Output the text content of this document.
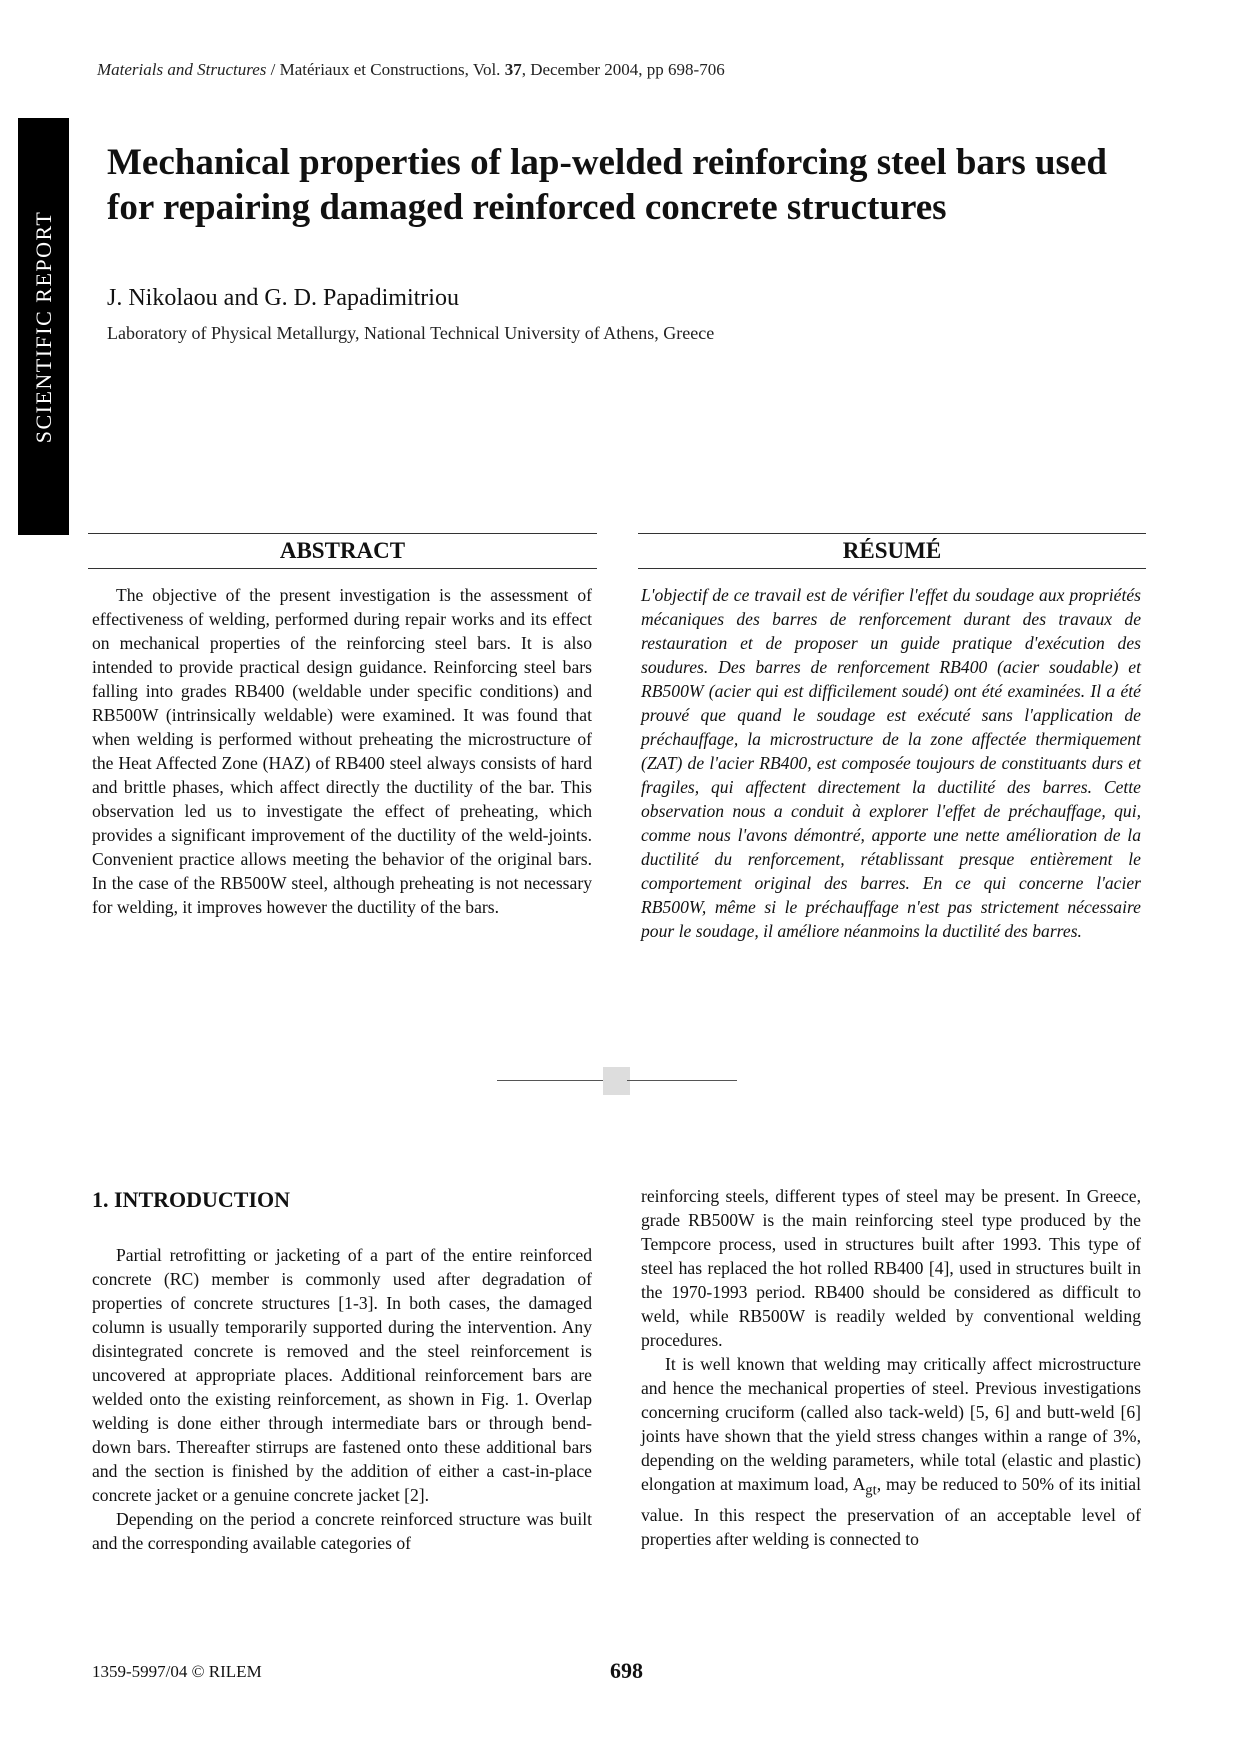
Materials and Structures / Matériaux et Constructions, Vol. 37, December 2004, pp 698-706
SCIENTIFIC REPORT
Mechanical properties of lap-welded reinforcing steel bars used for repairing damaged reinforced concrete structures
J. Nikolaou and G. D. Papadimitriou
Laboratory of Physical Metallurgy, National Technical University of Athens, Greece
ABSTRACT

The objective of the present investigation is the assessment of effectiveness of welding, performed during repair works and its effect on mechanical properties of the reinforcing steel bars. It is also intended to provide practical design guidance. Reinforcing steel bars falling into grades RB400 (weldable under specific conditions) and RB500W (intrinsically weldable) were examined. It was found that when welding is performed without preheating the microstructure of the Heat Affected Zone (HAZ) of RB400 steel always consists of hard and brittle phases, which affect directly the ductility of the bar. This observation led us to investigate the effect of preheating, which provides a significant improvement of the ductility of the weld-joints. Convenient practice allows meeting the behavior of the original bars. In the case of the RB500W steel, although preheating is not necessary for welding, it improves however the ductility of the bars.

RÉSUMÉ

L'objectif de ce travail est de vérifier l'effet du soudage aux propriétés mécaniques des barres de renforcement durant des travaux de restauration et de proposer un guide pratique d'exécution des soudures. Des barres de renforcement RB400 (acier soudable) et RB500W (acier qui est difficilement soudé) ont été examinées. Il a été prouvé que quand le soudage est exécuté sans l'application de préchauffage, la microstructure de la zone affectée thermiquement (ZAT) de l'acier RB400, est composée toujours de constituants durs et fragiles, qui affectent directement la ductilité des barres. Cette observation nous a conduit à explorer l'effet de préchauffage, qui, comme nous l'avons démontré, apporte une nette amélioration de la ductilité du renforcement, rétablissant presque entièrement le comportement original des barres. En ce qui concerne l'acier RB500W, même si le préchauffage n'est pas strictement nécessaire pour le soudage, il améliore néanmoins la ductilité des barres.

1. INTRODUCTION

Partial retrofitting or jacketing of a part of the entire reinforced concrete (RC) member is commonly used after degradation of properties of concrete structures [1-3]. In both cases, the damaged column is usually temporarily supported during the intervention. Any disintegrated concrete is removed and the steel reinforcement is uncovered at appropriate places. Additional reinforcement bars are welded onto the existing reinforcement, as shown in Fig. 1. Overlap welding is done either through intermediate bars or through bend-down bars. Thereafter stirrups are fastened onto these additional bars and the section is finished by the addition of either a cast-in-place concrete jacket or a genuine concrete jacket [2].

Depending on the period a concrete reinforced structure was built and the corresponding available categories of

reinforcing steels, different types of steel may be present. In Greece, grade RB500W is the main reinforcing steel type produced by the Tempcore process, used in structures built after 1993. This type of steel has replaced the hot rolled RB400 [4], used in structures built in the 1970-1993 period. RB400 should be considered as difficult to weld, while RB500W is readily welded by conventional welding procedures.

It is well known that welding may critically affect microstructure and hence the mechanical properties of steel. Previous investigations concerning cruciform (called also tack-weld) [5, 6] and butt-weld [6] joints have shown that the yield stress changes within a range of 3%, depending on the welding parameters, while total (elastic and plastic) elongation at maximum load, $A_{gt}$, may be reduced to 50% of its initial value. In this respect the preservation of an acceptable level of properties after welding is connected to

1359-5997/04 © RILEM	698
